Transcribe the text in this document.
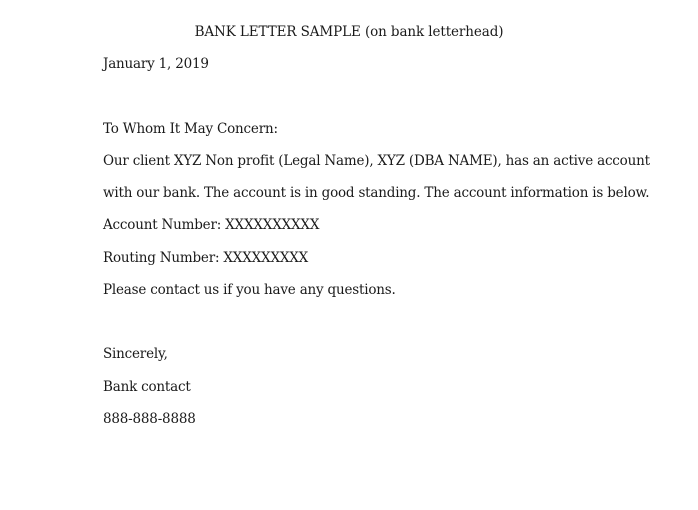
BANK LETTER SAMPLE (on bank letterhead)
January 1, 2019
To Whom It May Concern:
Our client XYZ Non profit (Legal Name), XYZ (DBA NAME), has an active account
with our bank. The account is in good standing. The account information is below.
Account Number: XXXXXXXXXX
Routing Number: XXXXXXXXX
Please contact us if you have any questions.
Sincerely,
Bank contact
888-888-8888
